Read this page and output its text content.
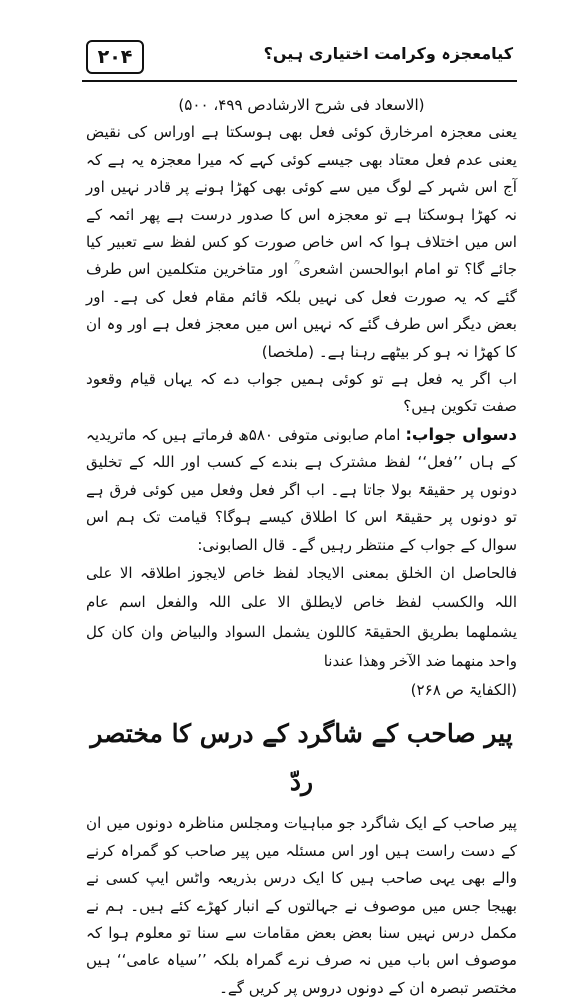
۲۰۴	کیامعجزہ وکرامت اختیاری ہیں؟

(الاسعاد فی شرح الارشادص ۴۹۹، ۵۰۰)

یعنی معجزہ امرخارق کوئی فعل بھی ہوسکتا ہے اوراس کی نقیض یعنی عدم فعل معتاد بھی جیسے کوئی کہے کہ میرا معجزہ یہ ہے کہ آج اس شہر کے لوگ میں سے کوئی بھی کھڑا ہونے پر قادر نہیں اور نہ کھڑا ہوسکتا ہے تو معجزہ اس کا صدور درست ہے پھر ائمہ کے اس میں اختلاف ہوا کہ اس خاص صورت کو کس لفظ سے تعبیر کیا جائے گا؟ تو امام ابوالحسن اشعری ؒ اور متاخرین متکلمین اس طرف گئے کہ یہ صورت فعل کی نہیں بلکہ قائم مقام فعل کی ہے۔ اور بعض دیگر اس طرف گئے کہ نہیں اس میں معجز فعل ہے اور وہ ان کا کھڑا نہ ہو کر بیٹھے رہنا ہے۔ (ملخصا)

اب اگر یہ فعل ہے تو کوئی ہمیں جواب دے کہ یہاں قیام وقعود صفت تکوین ہیں؟

دسواں جواب: امام صابونی متوفی ۵۸۰ھ فرماتے ہیں کہ ماتریدیہ کے ہاں ’’فعل‘‘ لفظ مشترک ہے بندے کے کسب اور اللہ کے تخلیق دونوں پر حقیقۃً بولا جاتا ہے۔ اب اگر فعل وفعل میں کوئی فرق ہے تو دونوں پر حقیقۃً اس کا اطلاق کیسے ہوگا؟ قیامت تک ہم اس سوال کے جواب کے منتظر رہیں گے۔ قال الصابونی:

فالحاصل ان الخلق بمعنی الایجاد لفظ خاص لایجوز اطلاقہ الا علی اللہ والکسب لفظ خاص لایطلق الا علی اللہ والفعل اسم عام یشملھما بطریق الحقیقۃ کاللون یشمل السواد والبیاض وان کان کل واحد منھما ضد الآخر وھذا عندنا

(الکفایۃ ص ۲۶۸)

پیر صاحب کے شاگرد کے درس کا مختصر ردّ

پیر صاحب کے ایک شاگرد جو مباہیات ومجلس مناظرہ دونوں میں ان کے دست راست ہیں اور اس مسئلہ میں پیر صاحب کو گمراہ کرنے والے بھی یہی صاحب ہیں کا ایک درس بذریعہ واٹس ایپ کسی نے بھیجا جس میں موصوف نے جہالتوں کے انبار کھڑے کئے ہیں۔ ہم نے مکمل درس نہیں سنا بعض بعض مقامات سے سنا تو معلوم ہوا کہ موصوف اس باب میں نہ صرف نرے گمراہ بلکہ ’’سیاہ عامی‘‘ ہیں مختصر تبصرہ ان کے دونوں دروس پر کریں گے۔
